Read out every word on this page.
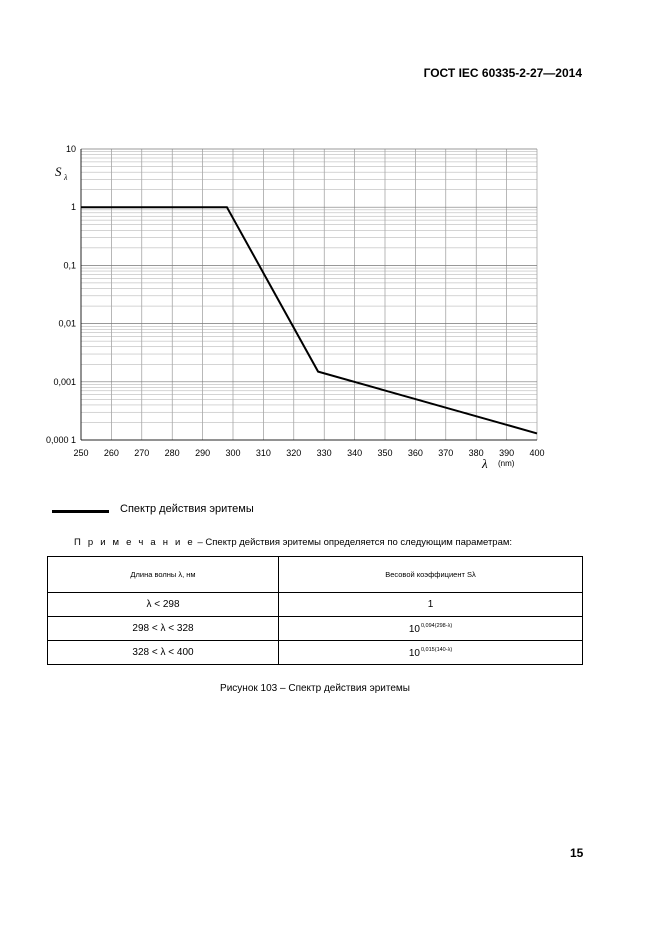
ГОСТ IEC 60335-2-27—2014
250 260 270 280 290 300 310 320 330 340 350 360 370 380 390 400
10
1
0,1
0,01
0,001
0,000 1
S λ
λ (nm)
Спектр действия эритемы
П р и м е ч а н и е – Спектр действия эритемы определяется по следующим параметрам:
Длина волны λ, нм	Весовой коэффициент Sλ
λ < 298	1
298 < λ < 328	$10^{0,094(298-\lambda)}$
328 < λ < 400	$10^{0,015(140-\lambda)}$
Рисунок 103 – Спектр действия эритемы
15
